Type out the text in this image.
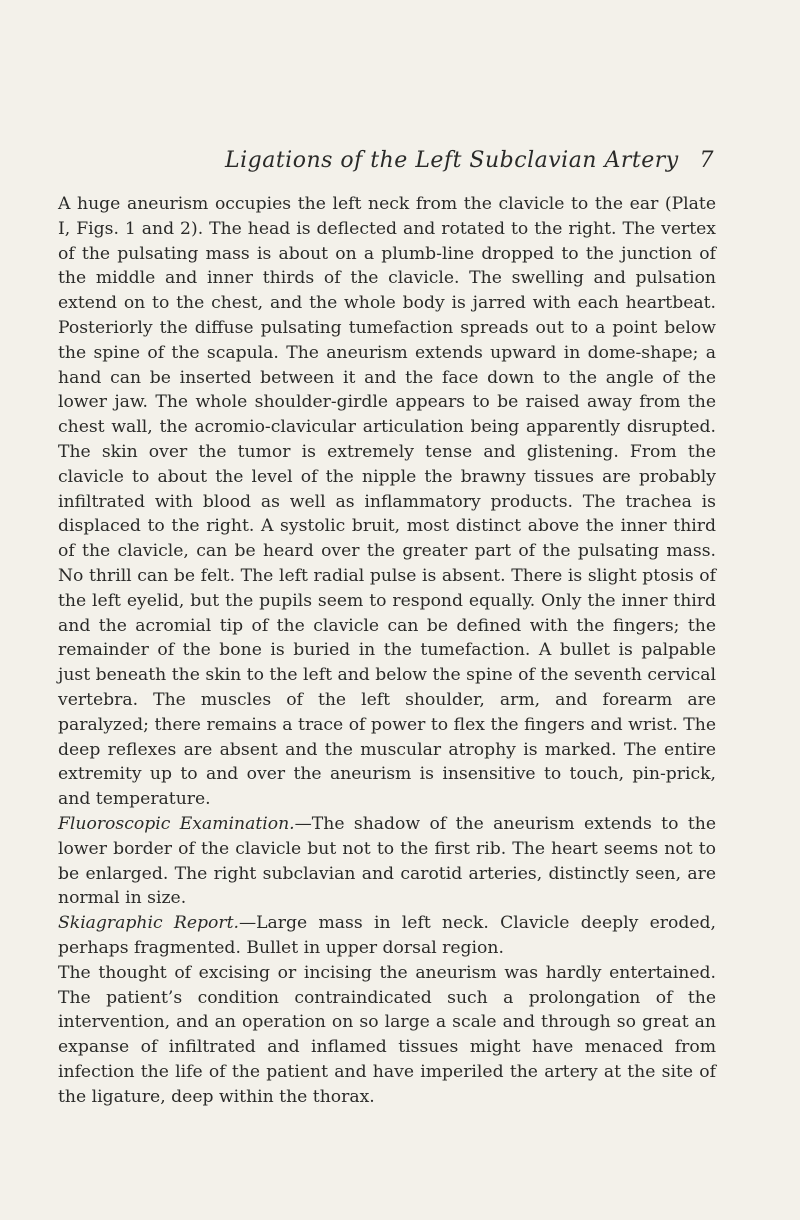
Ligations of the Left Subclavian Artery 7

A huge aneurism occupies the left neck from the clavicle to the ear (Plate I, Figs. 1 and 2). The head is deflected and rotated to the right. The vertex of the pulsating mass is about on a plumb-line dropped to the junction of the middle and inner thirds of the clavicle. The swelling and pulsation extend on to the chest, and the whole body is jarred with each heartbeat. Posteriorly the diffuse pulsating tumefaction spreads out to a point below the spine of the scapula. The aneurism extends upward in dome-shape; a hand can be inserted between it and the face down to the angle of the lower jaw. The whole shoulder-girdle appears to be raised away from the chest wall, the acromio-clavicular articulation being apparently disrupted. The skin over the tumor is extremely tense and glistening. From the clavicle to about the level of the nipple the brawny tissues are probably infiltrated with blood as well as inflammatory products. The trachea is displaced to the right. A systolic bruit, most distinct above the inner third of the clavicle, can be heard over the greater part of the pulsating mass. No thrill can be felt. The left radial pulse is absent. There is slight ptosis of the left eyelid, but the pupils seem to respond equally. Only the inner third and the acromial tip of the clavicle can be defined with the fingers; the remainder of the bone is buried in the tumefaction. A bullet is palpable just beneath the skin to the left and below the spine of the seventh cervical vertebra. The muscles of the left shoulder, arm, and forearm are paralyzed; there remains a trace of power to flex the fingers and wrist. The deep reflexes are absent and the muscular atrophy is marked. The entire extremity up to and over the aneurism is insensitive to touch, pin-prick, and temperature.

Fluoroscopic Examination.—The shadow of the aneurism extends to the lower border of the clavicle but not to the first rib. The heart seems not to be enlarged. The right subclavian and carotid arteries, distinctly seen, are normal in size.

Skiagraphic Report.—Large mass in left neck. Clavicle deeply eroded, perhaps fragmented. Bullet in upper dorsal region.

The thought of excising or incising the aneurism was hardly entertained. The patient’s condition contraindicated such a prolongation of the intervention, and an operation on so large a scale and through so great an expanse of infiltrated and inflamed tissues might have menaced from infection the life of the patient and have imperiled the artery at the site of the ligature, deep within the thorax.
